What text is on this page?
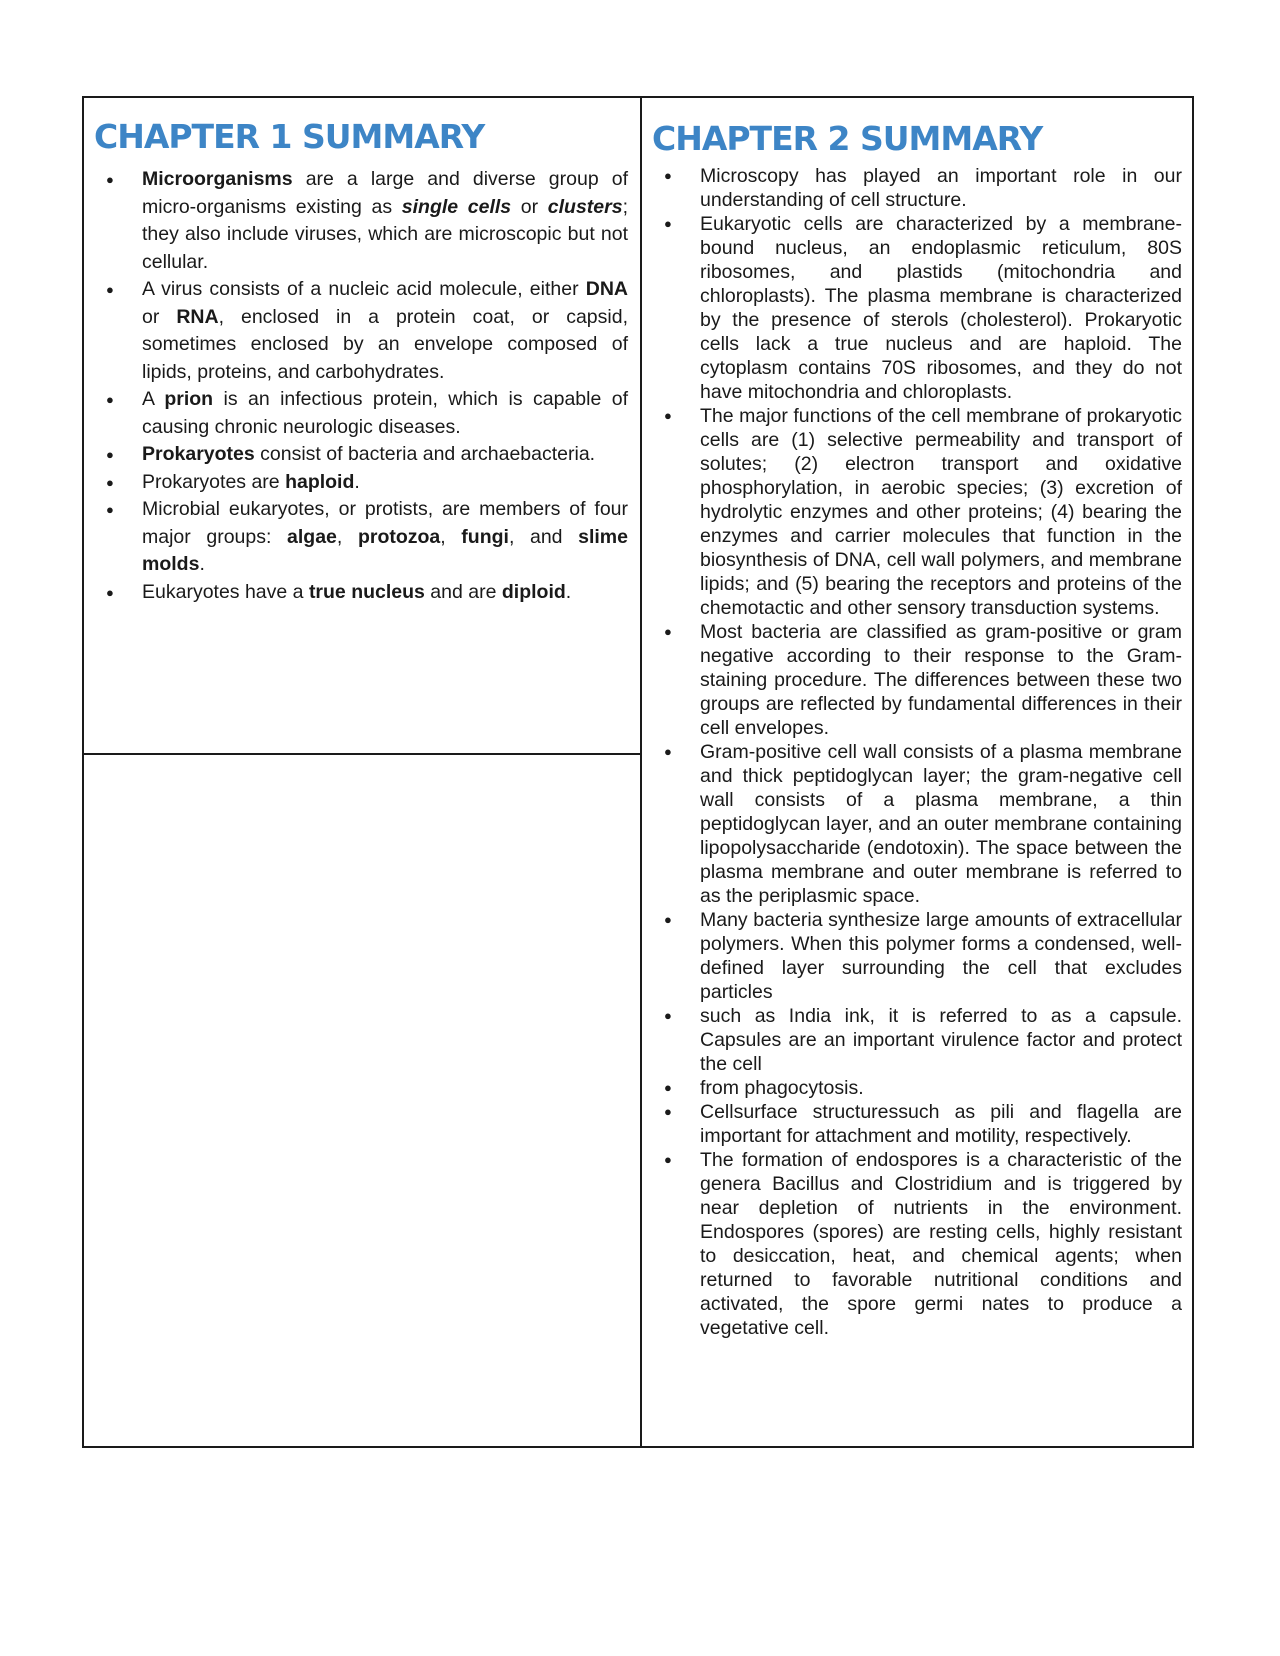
CHAPTER 1 SUMMARY
● Microorganisms are a large and diverse group of micro-organisms existing as single cells or clusters; they also include viruses, which are microscopic but not cellular.
● A virus consists of a nucleic acid molecule, either DNA or RNA, enclosed in a protein coat, or capsid, sometimes enclosed by an envelope composed of lipids, proteins, and carbohydrates.
● A prion is an infectious protein, which is capable of causing chronic neurologic diseases.
● Prokaryotes consist of bacteria and archaebacteria.
● Prokaryotes are haploid.
● Microbial eukaryotes, or protists, are members of four major groups: algae, protozoa, fungi, and slime molds.
● Eukaryotes have a true nucleus and are diploid.
CHAPTER 2 SUMMARY
● Microscopy has played an important role in our understanding of cell structure.
● Eukaryotic cells are characterized by a membrane-bound nucleus, an endoplasmic reticulum, 80S ribosomes, and plastids (mitochondria and chloroplasts). The plasma membrane is characterized by the presence of sterols (cholesterol). Prokaryotic cells lack a true nucleus and are haploid. The cytoplasm contains 70S ribosomes, and they do not have mitochondria and chloroplasts.
● The major functions of the cell membrane of prokaryotic cells are (1) selective permeability and transport of solutes; (2) electron transport and oxidative phosphorylation, in aerobic species; (3) excretion of hydrolytic enzymes and other proteins; (4) bearing the enzymes and carrier molecules that function in the biosynthesis of DNA, cell wall polymers, and membrane lipids; and (5) bearing the receptors and proteins of the chemotactic and other sensory transduction systems.
● Most bacteria are classified as gram-positive or gram negative according to their response to the Gram-staining procedure. The differences between these two groups are reflected by fundamental differences in their cell envelopes.
● Gram-positive cell wall consists of a plasma membrane and thick peptidoglycan layer; the gram-negative cell wall consists of a plasma membrane, a thin peptidoglycan layer, and an outer membrane containing lipopolysaccharide (endotoxin). The space between the plasma membrane and outer membrane is referred to as the periplasmic space.
● Many bacteria synthesize large amounts of extracellular polymers. When this polymer forms a condensed, well-defined layer surrounding the cell that excludes particles
● such as India ink, it is referred to as a capsule. Capsules are an important virulence factor and protect the cell
● from phagocytosis.
● Cellsurface structuressuch as pili and flagella are important for attachment and motility, respectively.
● The formation of endospores is a characteristic of the genera Bacillus and Clostridium and is triggered by near depletion of nutrients in the environment. Endospores (spores) are resting cells, highly resistant to desiccation, heat, and chemical agents; when returned to favorable nutritional conditions and activated, the spore germi nates to produce a vegetative cell.
